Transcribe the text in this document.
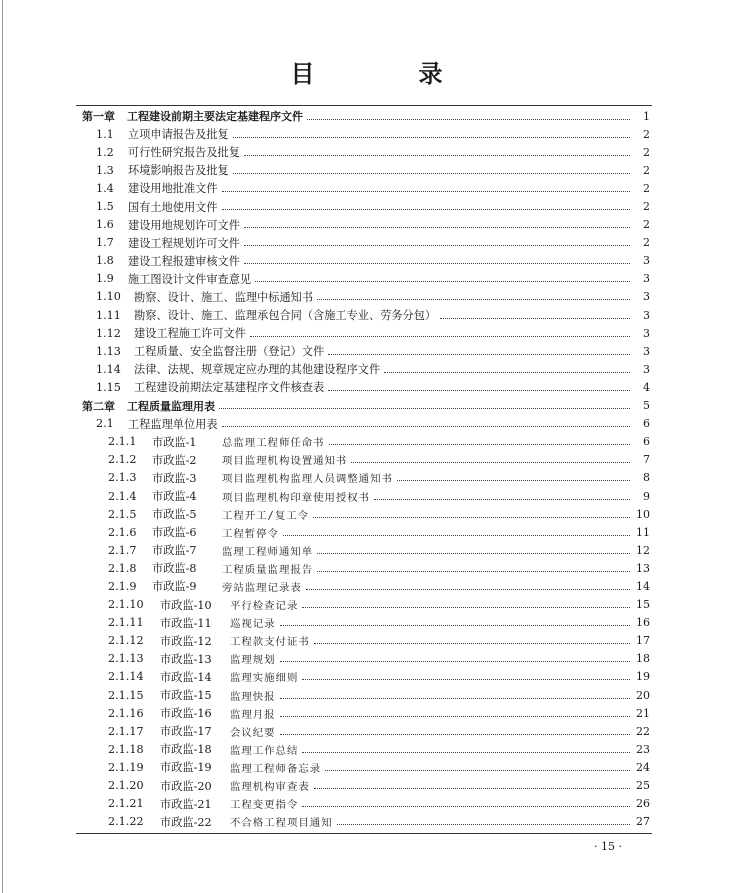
目　录
第一章 工程建设前期主要法定基建程序文件	1
1.1	立项申请报告及批复	2
1.2	可行性研究报告及批复	2
1.3	环境影响报告及批复	2
1.4	建设用地批准文件	2
1.5	国有土地使用文件	2
1.6	建设用地规划许可文件	2
1.7	建设工程规划许可文件	2
1.8	建设工程报建审核文件	3
1.9	施工图设计文件审查意见	3
1.10	勘察、设计、施工、监理中标通知书	3
1.11	勘察、设计、施工、监理承包合同（含施工专业、劳务分包）	3
1.12	建设工程施工许可文件	3
1.13	工程质量、安全监督注册（登记）文件	3
1.14	法律、法规、规章规定应办理的其他建设程序文件	3
1.15	工程建设前期法定基建程序文件核查表	4
第二章 工程质量监理用表	5
2.1	工程监理单位用表	6
2.1.1	市政监-1	总监理工程师任命书	6
2.1.2	市政监-2	项目监理机构设置通知书	7
2.1.3	市政监-3	项目监理机构监理人员调整通知书	8
2.1.4	市政监-4	项目监理机构印章使用授权书	9
2.1.5	市政监-5	工程开工/复工令	10
2.1.6	市政监-6	工程暂停令	11
2.1.7	市政监-7	监理工程师通知单	12
2.1.8	市政监-8	工程质量监理报告	13
2.1.9	市政监-9	旁站监理记录表	14
2.1.10	市政监-10	平行检查记录	15
2.1.11	市政监-11	巡视记录	16
2.1.12	市政监-12	工程款支付证书	17
2.1.13	市政监-13	监理规划	18
2.1.14	市政监-14	监理实施细则	19
2.1.15	市政监-15	监理快报	20
2.1.16	市政监-16	监理月报	21
2.1.17	市政监-17	会议纪要	22
2.1.18	市政监-18	监理工作总结	23
2.1.19	市政监-19	监理工程师备忘录	24
2.1.20	市政监-20	监理机构审查表	25
2.1.21	市政监-21	工程变更指令	26
2.1.22	市政监-22	不合格工程项目通知	27
· 15 ·
